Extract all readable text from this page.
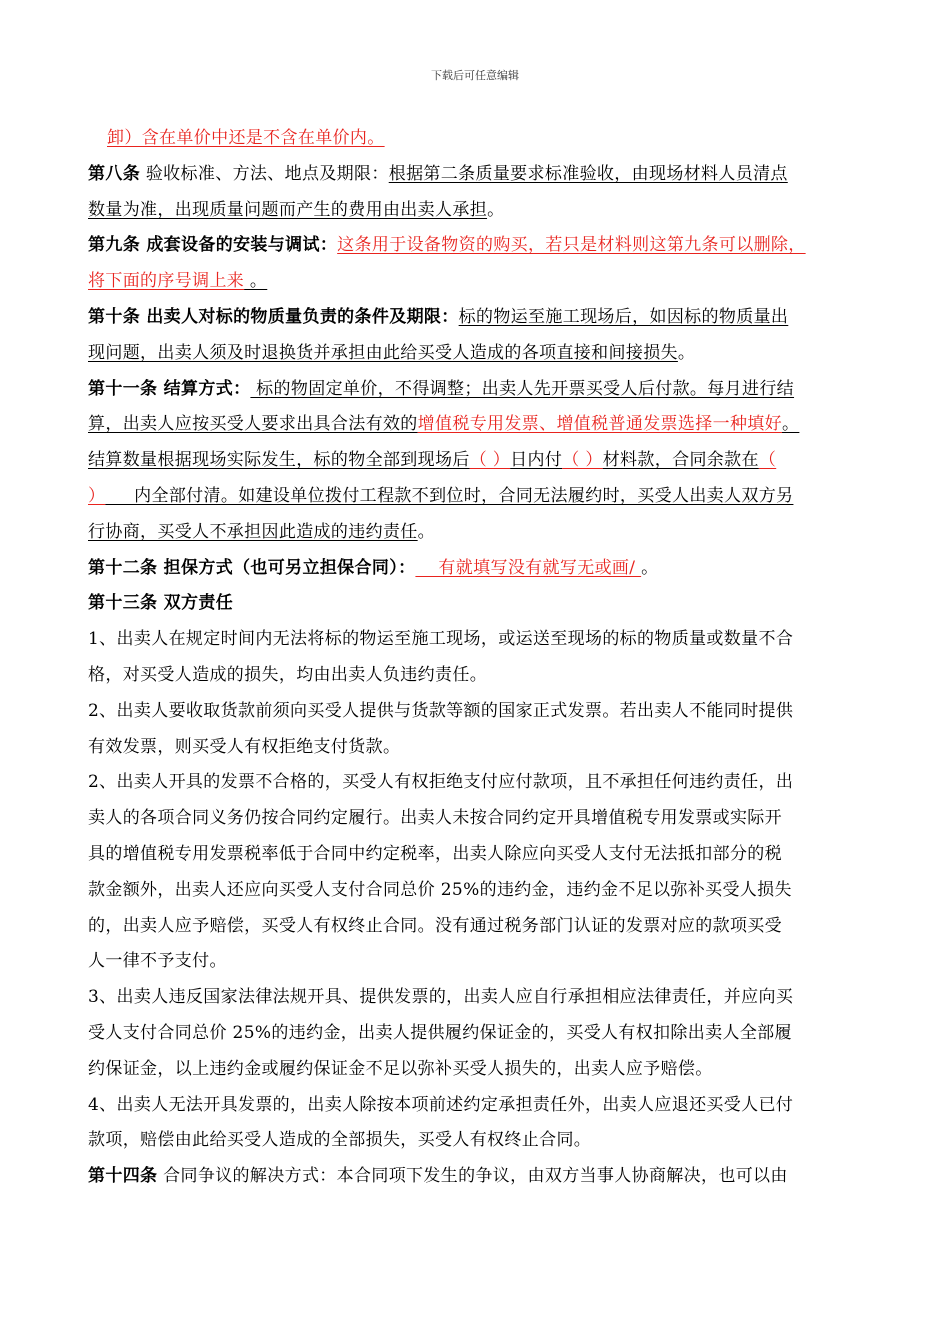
下载后可任意编辑
卸）含在单价中还是不含在单价内。
第八条 验收标准、方法、地点及期限：根据第二条质量要求标准验收，由现场材料人员清点
数量为准，出现质量问题而产生的费用由出卖人承担。
第九条 成套设备的安装与调试：这条用于设备物资的购买，若只是材料则这第九条可以删除，
将下面的序号调上来 。
第十条 出卖人对标的物质量负责的条件及期限：标的物运至施工现场后，如因标的物质量出
现问题，出卖人须及时退换货并承担由此给买受人造成的各项直接和间接损失。
第十一条 结算方式： 标的物固定单价，不得调整；出卖人先开票买受人后付款。每月进行结
算，出卖人应按买受人要求出具合法有效的增值税专用发票、增值税普通发票选择一种填好。
结算数量根据现场实际发生，标的物全部到现场后（ ）日内付（ ）材料款，合同余款在（
）     内全部付清。如建设单位拨付工程款不到位时，合同无法履约时，买受人出卖人双方另
行协商，买受人不承担因此造成的违约责任。
第十二条 担保方式（也可另立担保合同）：    有就填写没有就写无或画/ 。
第十三条 双方责任
1、出卖人在规定时间内无法将标的物运至施工现场，或运送至现场的标的物质量或数量不合
格，对买受人造成的损失，均由出卖人负违约责任。
2、出卖人要收取货款前须向买受人提供与货款等额的国家正式发票。若出卖人不能同时提供
有效发票，则买受人有权拒绝支付货款。
2、出卖人开具的发票不合格的，买受人有权拒绝支付应付款项，且不承担任何违约责任，出
卖人的各项合同义务仍按合同约定履行。出卖人未按合同约定开具增值税专用发票或实际开
具的增值税专用发票税率低于合同中约定税率，出卖人除应向买受人支付无法抵扣部分的税
款金额外，出卖人还应向买受人支付合同总价 25%的违约金，违约金不足以弥补买受人损失
的，出卖人应予赔偿，买受人有权终止合同。没有通过税务部门认证的发票对应的款项买受
人一律不予支付。
3、出卖人违反国家法律法规开具、提供发票的，出卖人应自行承担相应法律责任，并应向买
受人支付合同总价 25%的违约金，出卖人提供履约保证金的，买受人有权扣除出卖人全部履
约保证金，以上违约金或履约保证金不足以弥补买受人损失的，出卖人应予赔偿。
4、出卖人无法开具发票的，出卖人除按本项前述约定承担责任外，出卖人应退还买受人已付
款项，赔偿由此给买受人造成的全部损失，买受人有权终止合同。
第十四条 合同争议的解决方式：本合同项下发生的争议，由双方当事人协商解决，也可以由
